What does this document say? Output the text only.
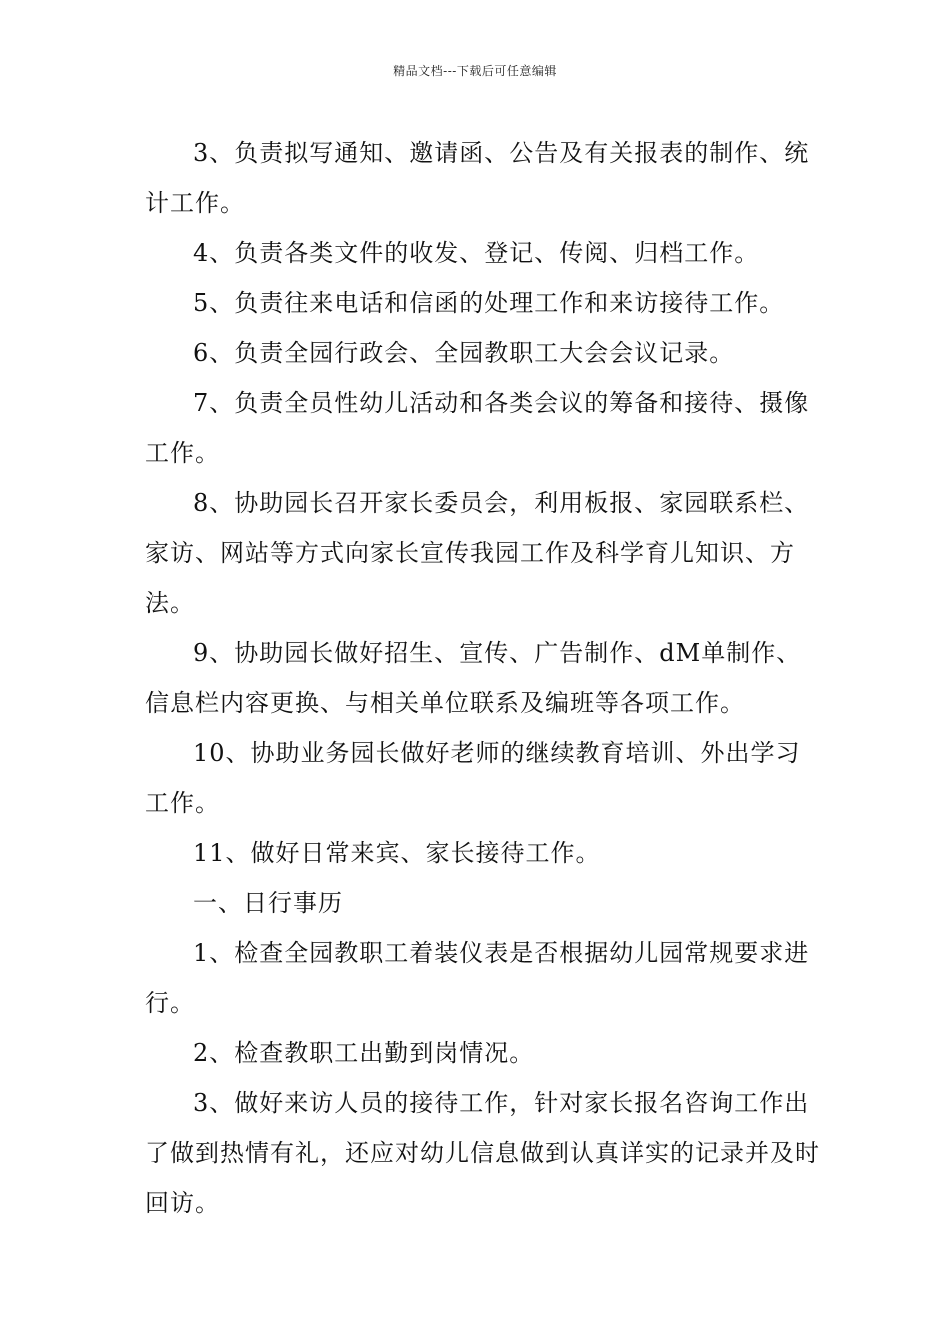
精品文档---下载后可任意编辑

3、负责拟写通知、邀请函、公告及有关报表的制作、统计工作。

4、负责各类文件的收发、登记、传阅、归档工作。

5、负责往来电话和信函的处理工作和来访接待工作。

6、负责全园行政会、全园教职工大会会议记录。

7、负责全员性幼儿活动和各类会议的筹备和接待、摄像工作。

8、协助园长召开家长委员会，利用板报、家园联系栏、家访、网站等方式向家长宣传我园工作及科学育儿知识、方法。

9、协助园长做好招生、宣传、广告制作、dM单制作、信息栏内容更换、与相关单位联系及编班等各项工作。

10、协助业务园长做好老师的继续教育培训、外出学习工作。

11、做好日常来宾、家长接待工作。

一、日行事历

1、检查全园教职工着装仪表是否根据幼儿园常规要求进行。

2、检查教职工出勤到岗情况。

3、做好来访人员的接待工作，针对家长报名咨询工作出了做到热情有礼，还应对幼儿信息做到认真详实的记录并及时回访。
